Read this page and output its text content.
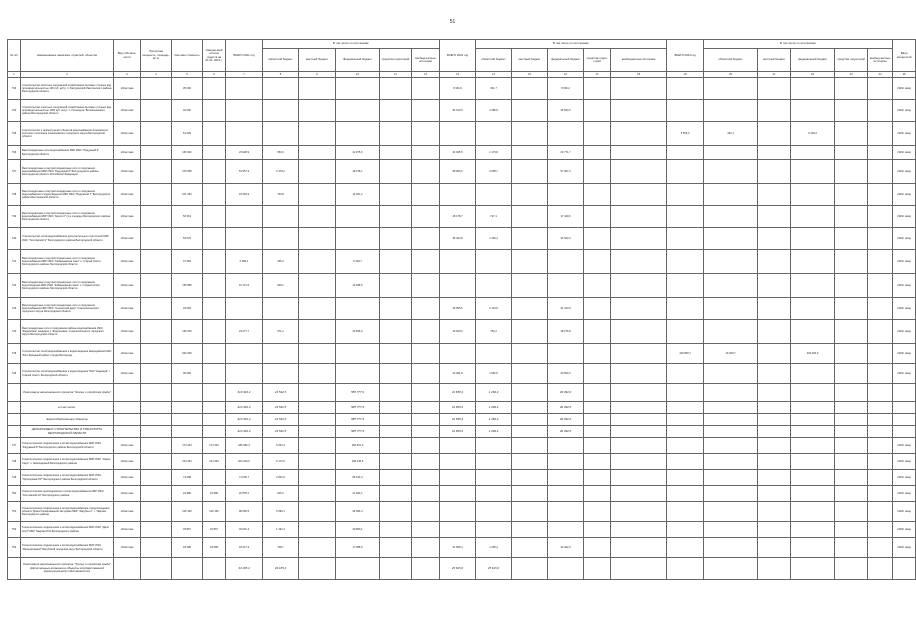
51
№ п/п	Наименование заказчика, отраслей, объектов	Вид собствен-ности	Проектная мощность, площадь, кв. м	Сметная стоимость	Ожидае-мый остаток средств на 01.01. 2021 г.	ВСЕГО 2021 год	В том числе по источникам:					ВСЕГО 2022 год	В том числе по источникам:					ВСЕГО 2023 год	В том числе по источникам:					Ввод мощностей
							областной бюджет	местный бюджет	Федеральный бюджет	средства территорий	внебюд-жетные источники		областной бюджет	местный бюджет	федеральный бюджет	средства терри-торий	внебюджетные источники		областной бюджет	местный бюджет	федеральный бюджет	средства территорий	внебюд-жетные источники	
1	2	3	4	5	6	7	8	9	10	11	12	13	14	15	16	17	18	19	20	21	22	23	24	25
733	Строительство očистных сооружений хозяйственно-бытовых сточных вод производительностью 100 куб. м/сут. п. Батуринский Ракитянского района Белгородской области	областная		35 000								8 391,9	331,7		8 060,2									2022г. ввод
734	Строительство очистных сооружений хозяйственно-бытовых сточных вод производительностью 1000 куб. м/сут. с. Пятницкое, Волоконовского района Белгородской области	областная		42 000								52 613,5	2 080,5		49 533,0									2022г. ввод
735	Строительство и реконструкция объектов водоснабжения Альминского сельского поселения Алексеевского городского округа Белгородской области	областная		51 629														6 556,3	262,1		6 294,2			2023г. ввод
736	Внеплощадочные сети водоснабжения МКР ИЖС "Радужный 6" Белгородской области	областная		166 602		23 928,9	953,3		22 975,6			24 945,5	1 173,8		23 771,7									2022г. ввод
737	Внеплощадочные и внутриплощадочные сети и сооружения водоснабжения МКР ИЖС "Радужный 8" Белгородского района Белгородской области Российской Федерации	областная		270 555		51 957,3	2 479,2		49 478,1			58 966,0	2 068,7		57 997,3									2022г. ввод
738	Внеплощадочные и внутриплощадочные сети и сооружения водоснабжения и водоотведения МКР ИЖС "Радужный 7" Белгородского района Белгородской области	областная		971 252		15 064,9	763,8		14 301,2															2021г. ввод
739	Внеплощадочные и внутриплощадочные сети и сооружения водоснабжения МКР ИЖС "Ерохи 2" (1-я очередь) Белгородского района Белгородской области	областная		56 361								18 178,7	727,1		17 449,6									2022г. ввод
740	Строительство сетей водоснабжения дополнительных к восточной МКР ИЖС "Хохловский-V" Белгородского района Белгородской области	областная		54 076								35 024,8	1 400,4		33 623,4									2022г. ввод
741	Внеплощадочные и внутриплощадочные сети и сооружения водоснабжения МКР ИЖС "Кабаньевская змея" с. Старый Оскол, Белгородского района, Белгородской области	областная		47 984		5 386,1	156,4		5 229,7															2021г. ввод
742	Внеплощадочные и внутриплощадочные сети и сооружения водоотведения МКР ИЖС "Кабаньевская змея" с. Старый Оскол, Белгородского района, Белгородской области	областная		135 895		16 727,6	629,1		16 098,5															2021г. ввод
743	Внеплощадочные и внутриплощадочные сети и сооружения водоснабжения МКР ИЖС "Солнечный двор" Старооскольского городского округа Белгородской области	областная		29 084								26 555,5	2 144,5		24 410,9									2022г. ввод
744	Внеплощадочные сети и сооружения районы водоснабжения ИЖС "Федоровка" западнее с. Федосеевка, Старооскольского городского округа Белгородской области	областная		130 615		24 277,7	671,1		23 596,6			19 529,0	752,2		18 076,8									2022г. ввод
745	Строительство сетей водоснабжения и водоотведения микрорайона ИЖС "Юго-Западный район" города Белгорода	областная		622 000														416 860,7	16 660,7		400 200,0			2023г. ввод
746	Строительство сетей водоснабжения и водоотведения ПНО "Надежда" г. Старый Оскол, Белгородской области	областная		36 066								42 291,8	1 681,5		40 590,3									2022г. ввод
	Реализация национального проекта "Жилье и городская среда"					613 316,4	24 532,5		588 777,9			31 658,4	1 266,4		30 392,0									
	в том числе:					613 316,4	24 532,5		588 777,9			31 658,4	1 266,4		30 392,0									
	Энергосберегающие объекты					613 316,4	24 532,5		588 777,9			31 658,4	1 266,4		30 392,0									
	ДЕПАРТАМЕНТ СТРОИТЕЛЬСТВА И ТРАНСПОРТА БЕЛГОРОДСКОЙ ОБЛАСТИ					613 316,4	24 532,5		588 777,9			31 658,4	1 266,4		30 392,0									
747	Технологическое подключение к сетям водоснабжения МКР ИЖС "Радужный 8" Белгородского района Белгородской области	областная		174 443	174 443	186 282,3	6 501,3		156 601,0															2020г. ввод
748	Технологическое подключение к сетям водоснабжения МКР ИЖС "Новое Садо" п. Новосадовый Белгородского района	областная		214 334	214 334	204 316,6	6 172,0		198 145,6															2020г. ввод
749	Технологическое подключение к сетям водоснабжения МКР ИЖС "Прохоровка-ПР" Белгородского района Белгородской области	областная		73 098		71 035,7	2 841,6		68 193,4															2021г. ввод
750	Технологическое присоединение к сетям водоснабжения МКР ИЖС "Хохловский-10" Белгородского района	областная		24 980	24 980	22 878,1	915,2		21 963,1															2020г. ввод
751	Технологическое подключение к сетям водоснабжения и водоотведения объекта "Дома блокированной застройки МКР "Зарубно-2", г. Таврово Белгородского района	областная		100 130	100 130	96 065,5	5 695,1		94 966,4															2020г. ввод
752	Технологическое подключение к сетям водоснабжения МКР ИЖС "Дачи Клуб" МКР Таврово-П10 Белгородского района	областная		33 867	33 867	32 091,4	1 291,3		30 860,1															2020г. ввод
753	Технологическое подключение к сетям водоснабжения МКР ИЖС "Инициативный" Валуйский городской округ Белгородской области	областная		18 289	18 289	18 217,3	728,7		17 488,6			31 658,4	1 266,4		30 392,0									2020г. ввод
	Реализация национального проекта "Жилье и городская среда" (Капитальные вложения в объекты государственной (муниципальной) собственности)					34 185,4	34 185,4					25 615,0	25 615,0											
